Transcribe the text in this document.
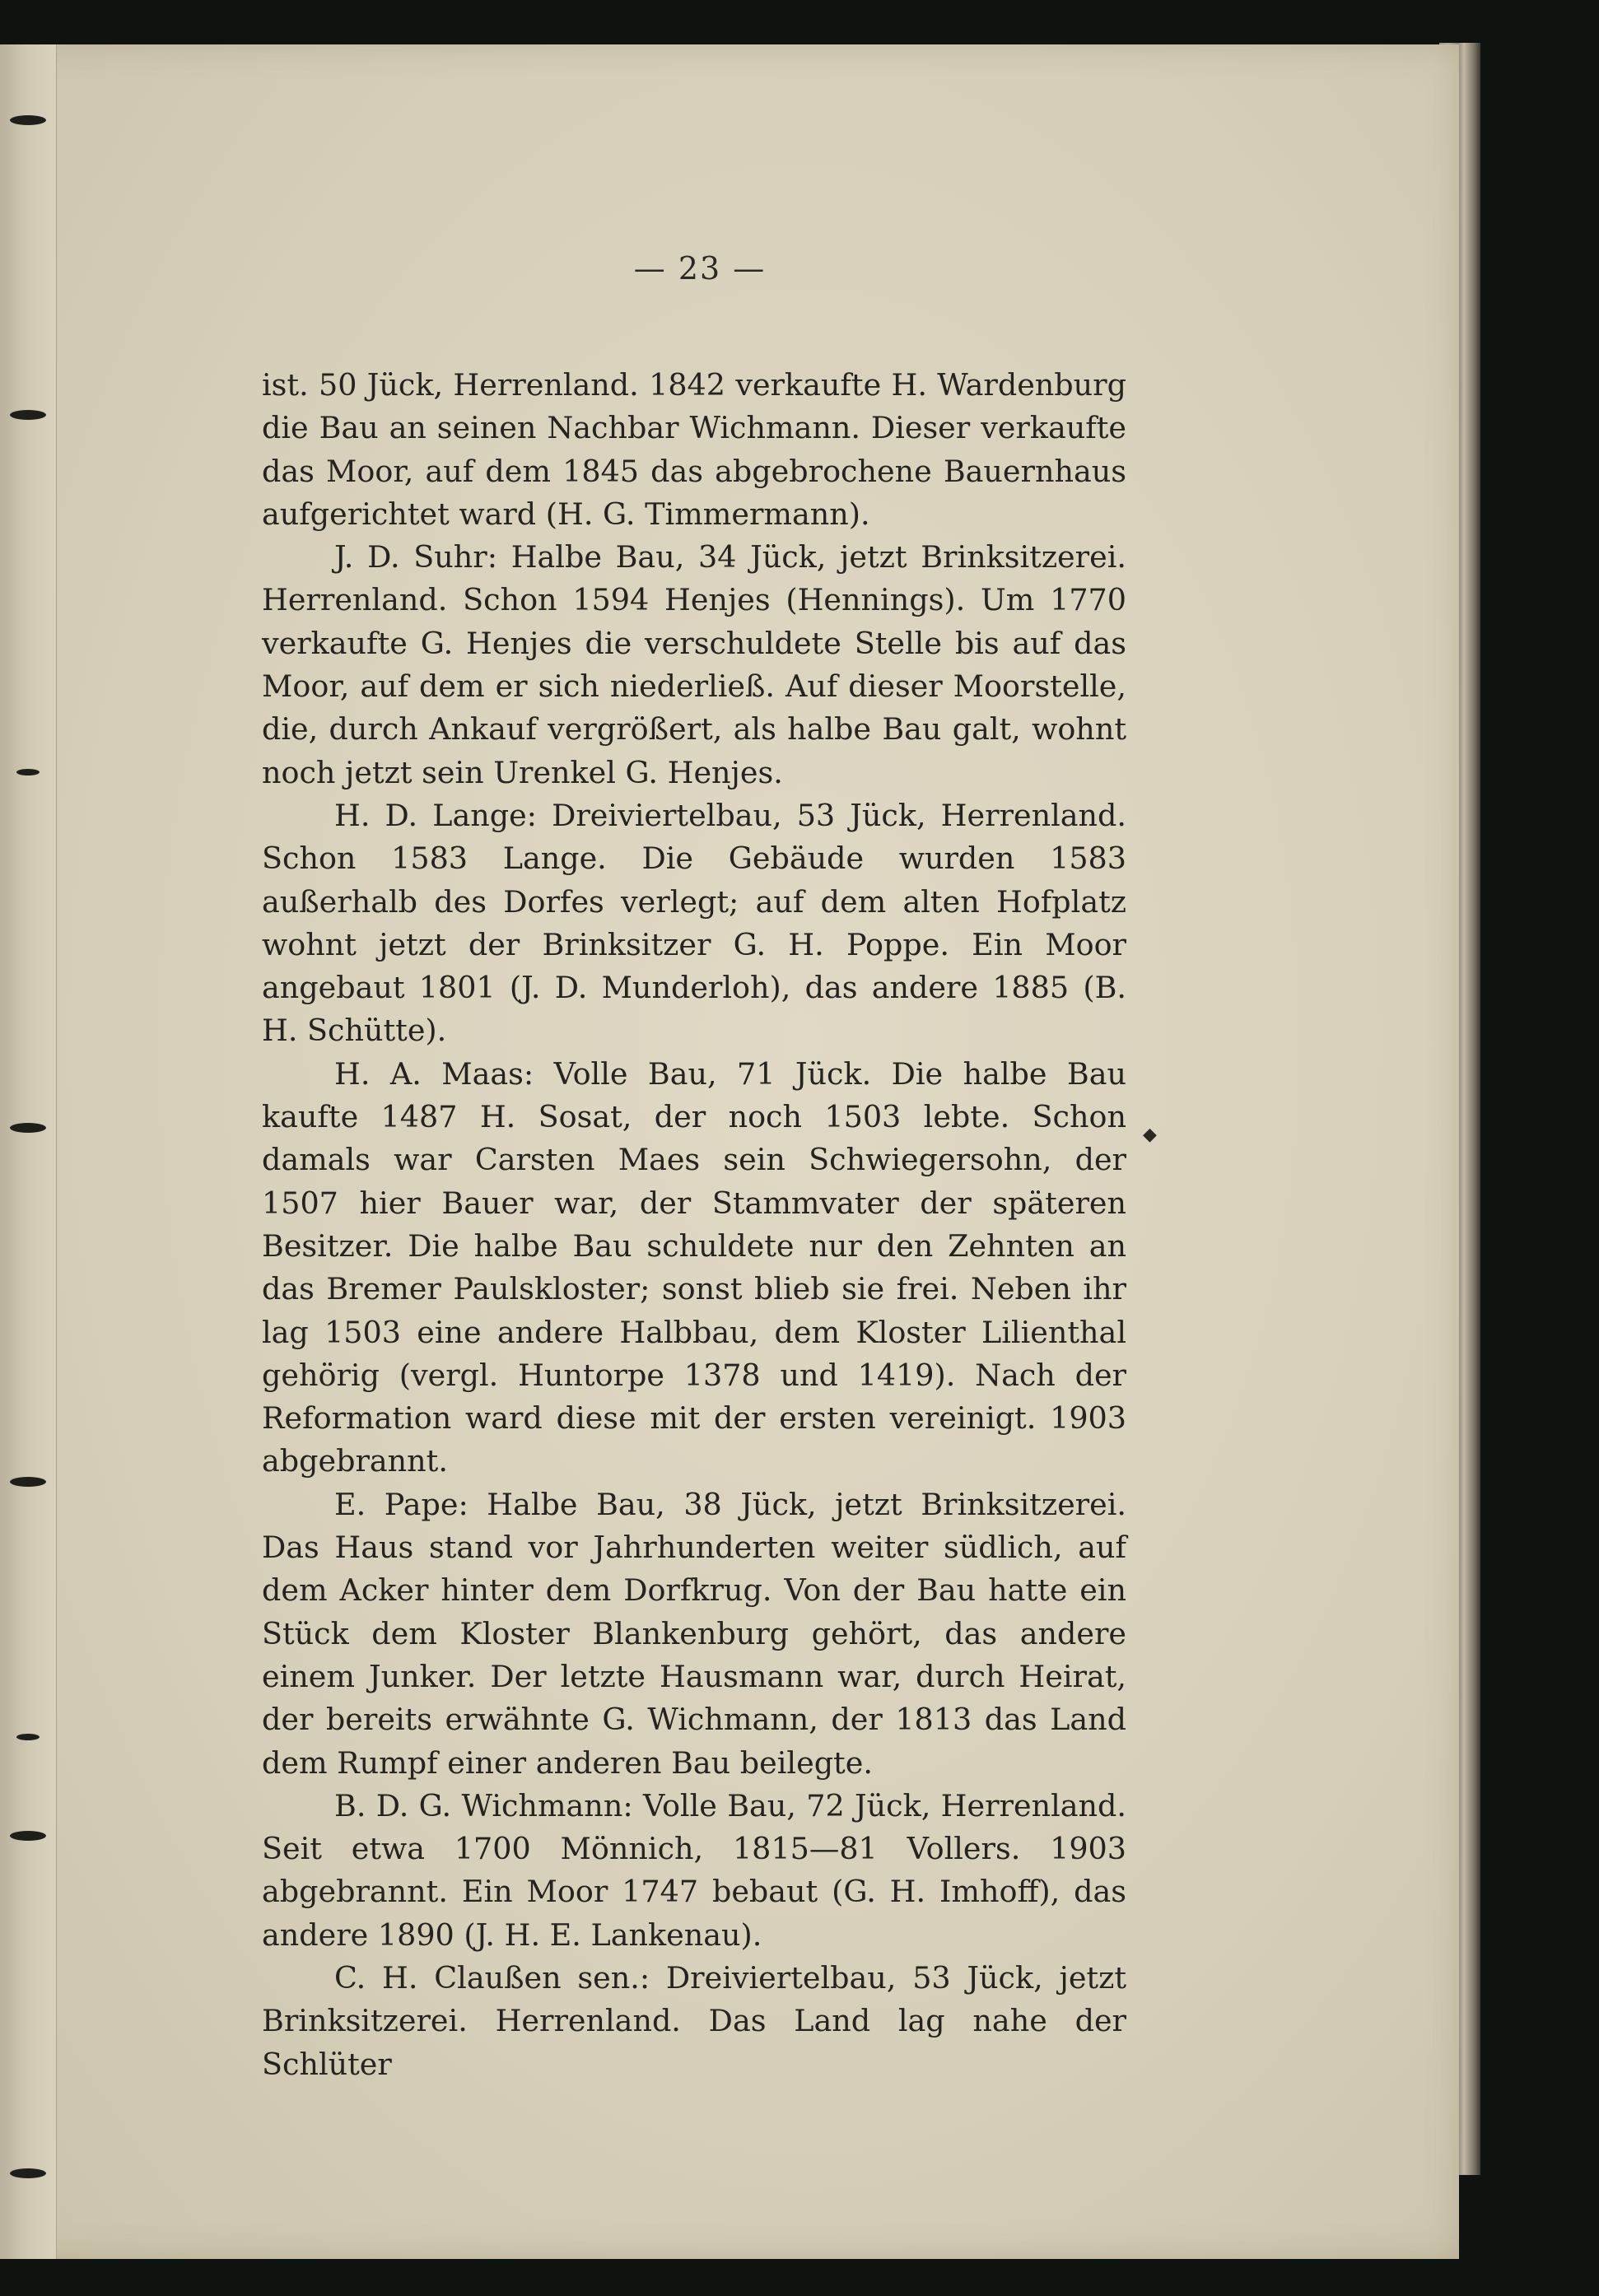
— 23 —

ist. 50 Jück, Herrenland. 1842 verkaufte H. Wardenburg die Bau an seinen Nachbar Wichmann. Dieser verkaufte das Moor, auf dem 1845 das abgebrochene Bauernhaus aufgerichtet ward (H. G. Timmermann).

J. D. Suhr: Halbe Bau, 34 Jück, jetzt Brinksitzerei. Herrenland. Schon 1594 Henjes (Hennings). Um 1770 verkaufte G. Henjes die verschuldete Stelle bis auf das Moor, auf dem er sich niederließ. Auf dieser Moorstelle, die, durch Ankauf vergrößert, als halbe Bau galt, wohnt noch jetzt sein Urenkel G. Henjes.

H. D. Lange: Dreiviertelbau, 53 Jück, Herrenland. Schon 1583 Lange. Die Gebäude wurden 1583 außerhalb des Dorfes verlegt; auf dem alten Hofplatz wohnt jetzt der Brinksitzer G. H. Poppe. Ein Moor angebaut 1801 (J. D. Munderloh), das andere 1885 (B. H. Schütte).

H. A. Maas: Volle Bau, 71 Jück. Die halbe Bau kaufte 1487 H. Sosat, der noch 1503 lebte. Schon damals war Carsten Maes sein Schwiegersohn, der 1507 hier Bauer war, der Stammvater der späteren Besitzer. Die halbe Bau schuldete nur den Zehnten an das Bremer Paulskloster; sonst blieb sie frei. Neben ihr lag 1503 eine andere Halbbau, dem Kloster Lilienthal gehörig (vergl. Huntorpe 1378 und 1419). Nach der Reformation ward diese mit der ersten vereinigt. 1903 abgebrannt.

E. Pape: Halbe Bau, 38 Jück, jetzt Brinksitzerei. Das Haus stand vor Jahrhunderten weiter südlich, auf dem Acker hinter dem Dorfkrug. Von der Bau hatte ein Stück dem Kloster Blankenburg gehört, das andere einem Junker. Der letzte Hausmann war, durch Heirat, der bereits erwähnte G. Wichmann, der 1813 das Land dem Rumpf einer anderen Bau beilegte.

B. D. G. Wichmann: Volle Bau, 72 Jück, Herrenland. Seit etwa 1700 Mönnich, 1815—81 Vollers. 1903 abgebrannt. Ein Moor 1747 bebaut (G. H. Imhoff), das andere 1890 (J. H. E. Lankenau).

C. H. Claußen sen.: Dreiviertelbau, 53 Jück, jetzt Brinksitzerei. Herrenland. Das Land lag nahe der Schlüter

◆
